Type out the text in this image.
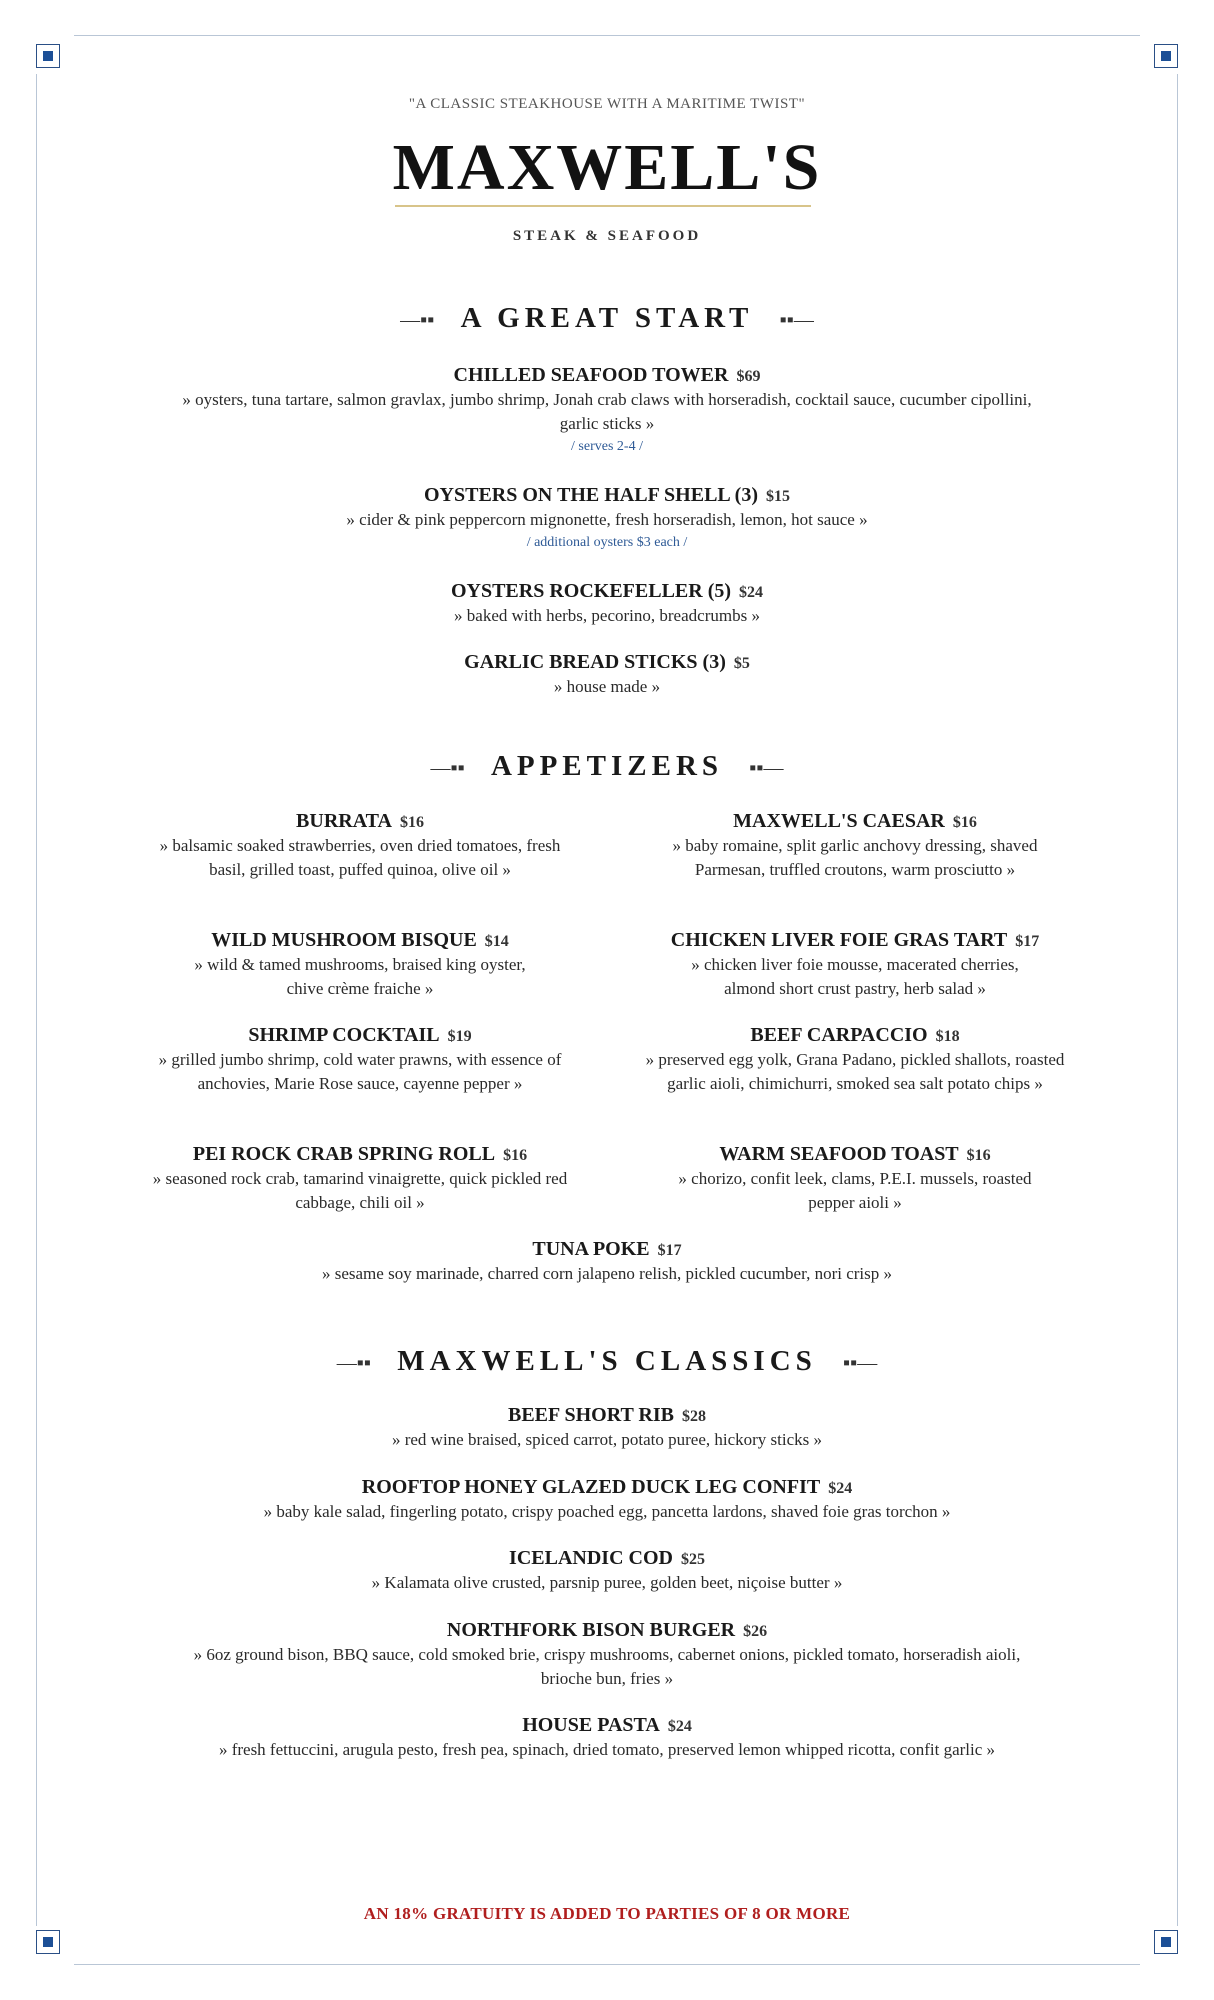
"A CLASSIC STEAKHOUSE WITH A MARITIME TWIST"
MAXWELL'S
STEAK & SEAFOOD
—▪▪ A GREAT START ▪▪—
CHILLED SEAFOOD TOWER $69
» oysters, tuna tartare, salmon gravlax, jumbo shrimp, Jonah crab claws with horseradish, cocktail sauce, cucumber cipollini, garlic sticks »
/ serves 2-4 /
OYSTERS ON THE HALF SHELL (3) $15
» cider & pink peppercorn mignonette, fresh horseradish, lemon, hot sauce »
/ additional oysters $3 each /
OYSTERS ROCKEFELLER (5) $24
» baked with herbs, pecorino, breadcrumbs »
GARLIC BREAD STICKS (3) $5
» house made »
—▪▪ APPETIZERS ▪▪—
BURRATA $16
» balsamic soaked strawberries, oven dried tomatoes, fresh basil, grilled toast, puffed quinoa, olive oil »
MAXWELL'S CAESAR $16
» baby romaine, split garlic anchovy dressing, shaved Parmesan, truffled croutons, warm prosciutto »
WILD MUSHROOM BISQUE $14
» wild & tamed mushrooms, braised king oyster, chive crème fraiche »
CHICKEN LIVER FOIE GRAS TART $17
» chicken liver foie mousse, macerated cherries, almond short crust pastry, herb salad »
SHRIMP COCKTAIL $19
» grilled jumbo shrimp, cold water prawns, with essence of anchovies, Marie Rose sauce, cayenne pepper »
BEEF CARPACCIO $18
» preserved egg yolk, Grana Padano, pickled shallots, roasted garlic aioli, chimichurri, smoked sea salt potato chips »
PEI ROCK CRAB SPRING ROLL $16
» seasoned rock crab, tamarind vinaigrette, quick pickled red cabbage, chili oil »
WARM SEAFOOD TOAST $16
» chorizo, confit leek, clams, P.E.I. mussels, roasted pepper aioli »
TUNA POKE $17
» sesame soy marinade, charred corn jalapeno relish, pickled cucumber, nori crisp »
—▪▪ MAXWELL'S CLASSICS ▪▪—
BEEF SHORT RIB $28
» red wine braised, spiced carrot, potato puree, hickory sticks »
ROOFTOP HONEY GLAZED DUCK LEG CONFIT $24
» baby kale salad, fingerling potato, crispy poached egg, pancetta lardons, shaved foie gras torchon »
ICELANDIC COD $25
» Kalamata olive crusted, parsnip puree, golden beet, niçoise butter »
NORTHFORK BISON BURGER $26
» 6oz ground bison, BBQ sauce, cold smoked brie, crispy mushrooms, cabernet onions, pickled tomato, horseradish aioli, brioche bun, fries »
HOUSE PASTA $24
» fresh fettuccini, arugula pesto, fresh pea, spinach, dried tomato, preserved lemon whipped ricotta, confit garlic »
AN 18% GRATUITY IS ADDED TO PARTIES OF 8 OR MORE
